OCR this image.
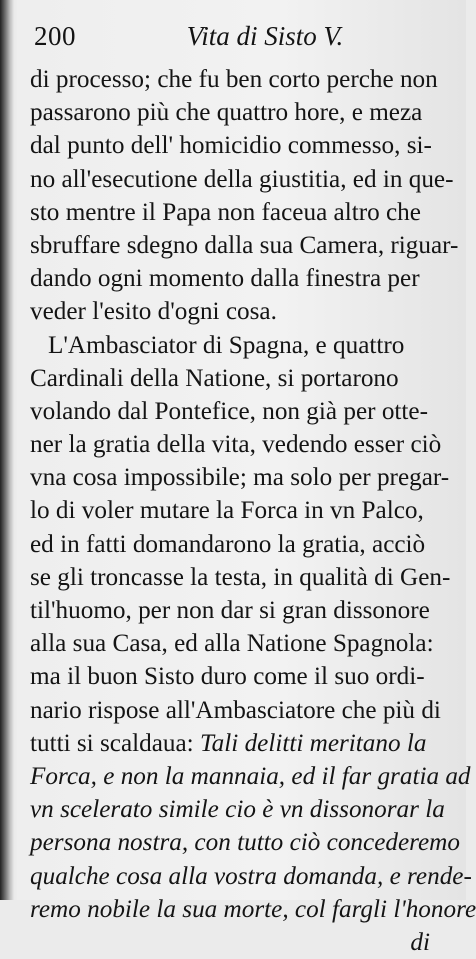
200	Vita di Sisto V.
di processo; che fu ben corto perche non
passarono più che quattro hore, e meza
dal punto dell' homicidio commesso, si-
no all'esecutione della giustitia, ed in que-
sto mentre il Papa non faceua altro che
sbruffare sdegno dalla sua Camera, riguar-
dando ogni momento dalla finestra per
veder l'esito d'ogni cosa.
L'Ambasciator di Spagna, e quattro
Cardinali della Natione, si portarono
volando dal Pontefice, non già per otte-
ner la gratia della vita, vedendo esser ciò
vna cosa impossibile; ma solo per pregar-
lo di voler mutare la Forca in vn Palco,
ed in fatti domandarono la gratia, acciò
se gli troncasse la testa, in qualità di Gen-
til'huomo, per non dar si gran dissonore
alla sua Casa, ed alla Natione Spagnola:
ma il buon Sisto duro come il suo ordi-
nario rispose all'Ambasciatore che più di
tutti si scaldaua: Tali delitti meritano la
Forca, e non la mannaia, ed il far gratia ad
vn scelerato simile cio è vn dissonorar la
persona nostra, con tutto ciò concederemo
qualche cosa alla vostra domanda, e rende-
remo nobile la sua morte, col fargli l'honore
di
